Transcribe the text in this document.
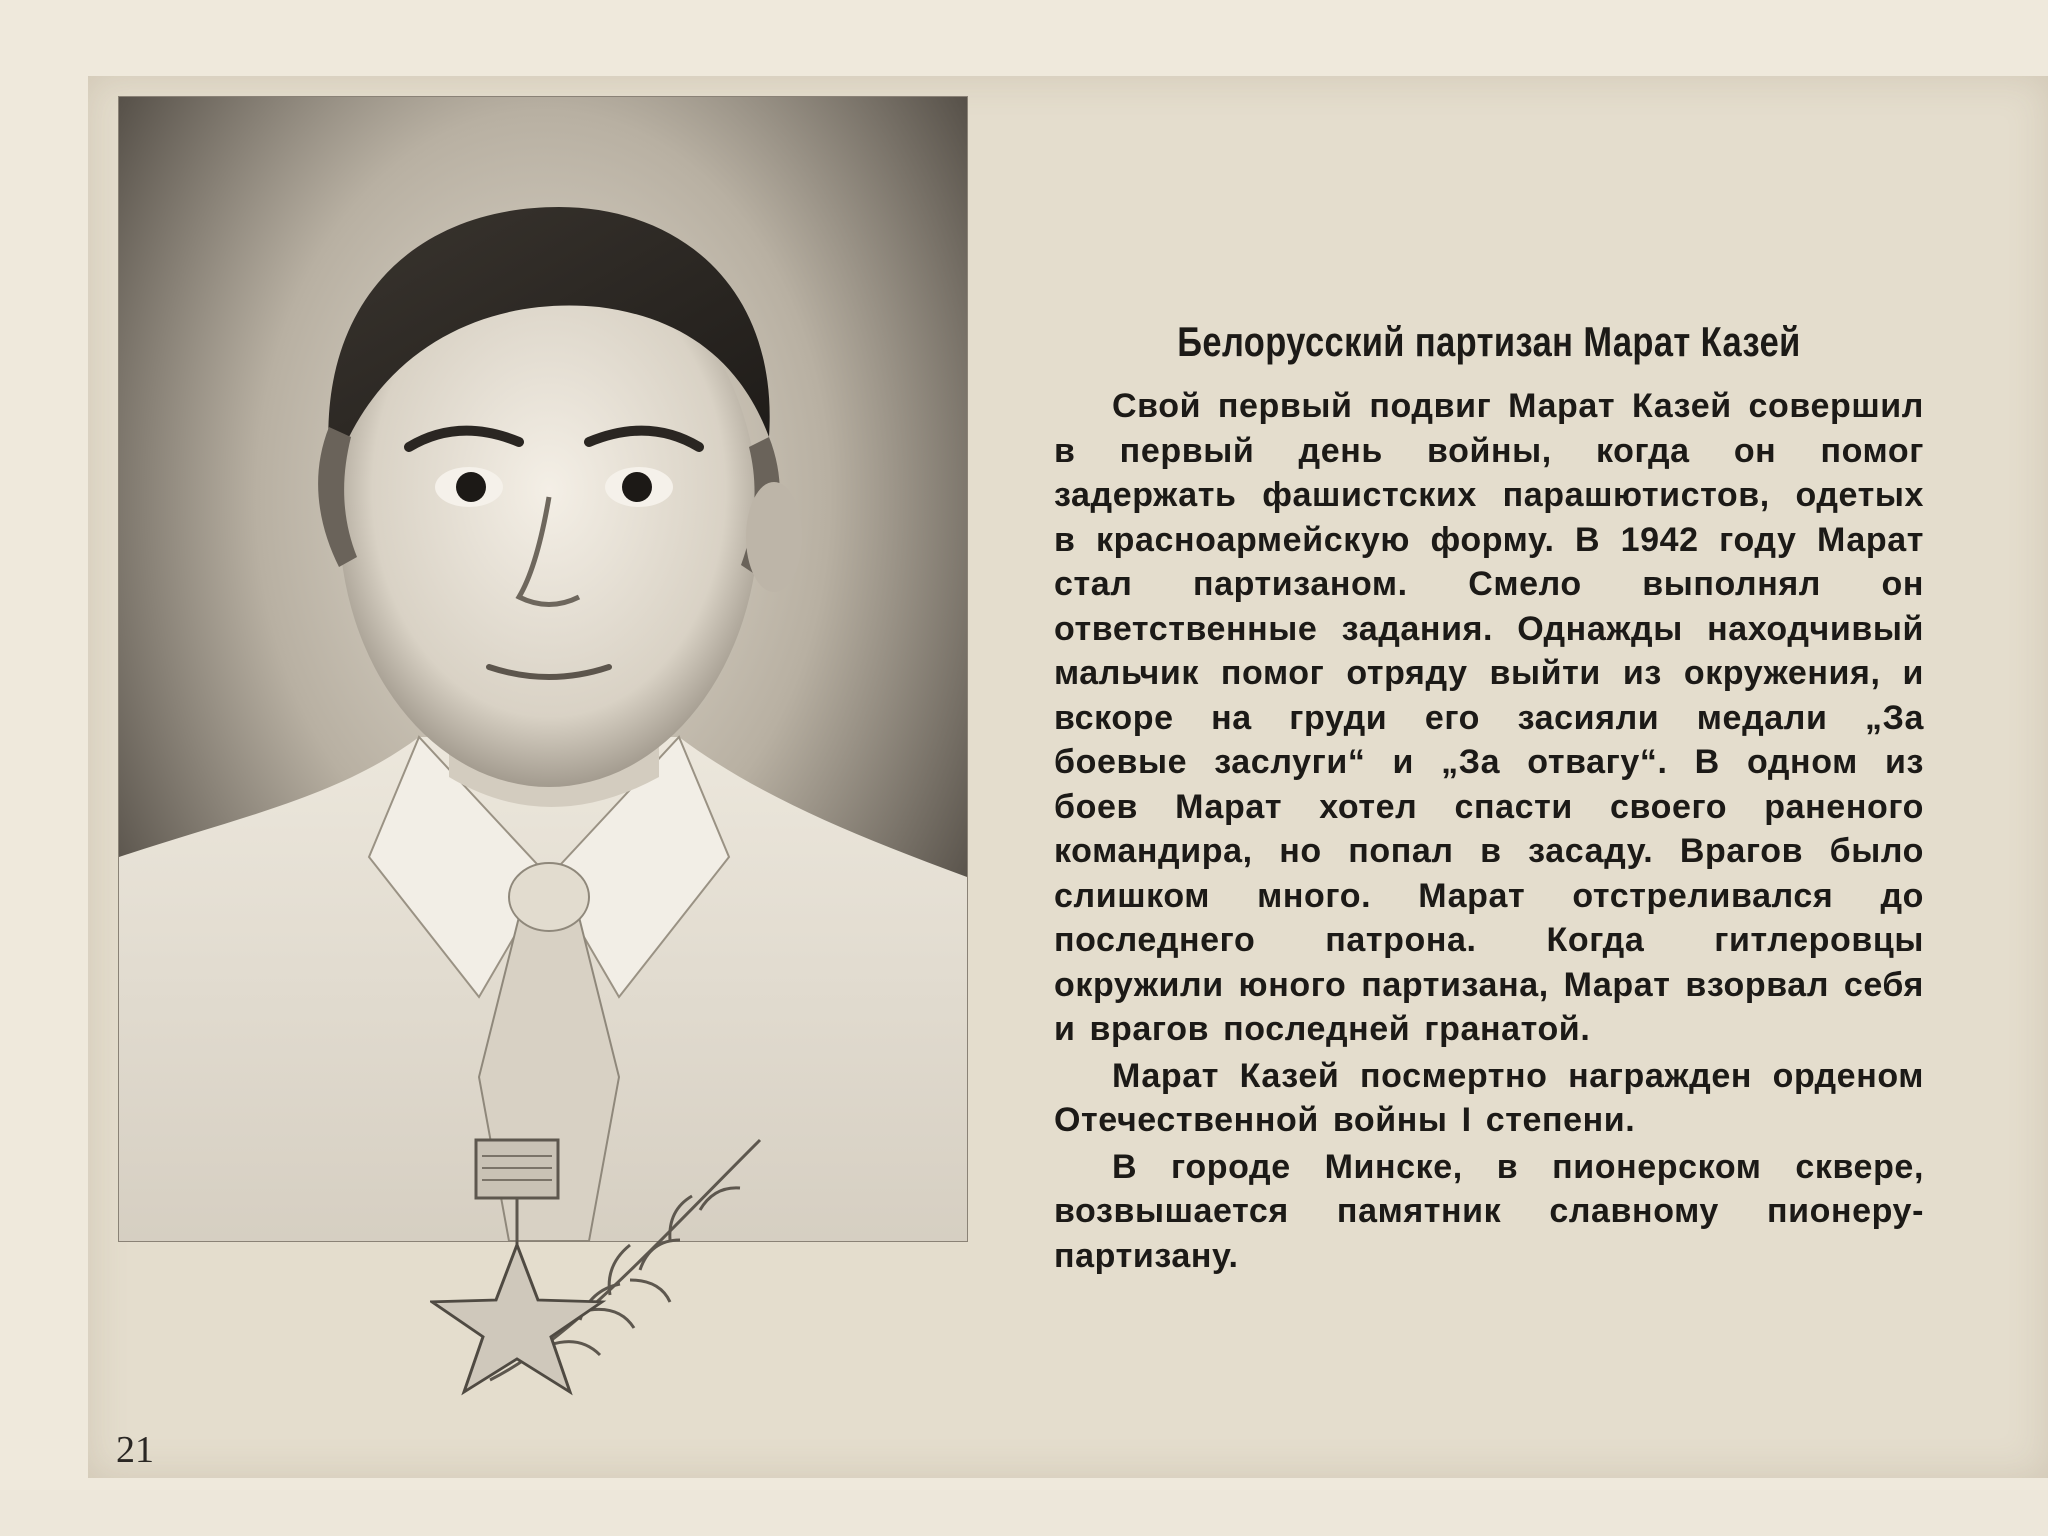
Белорусский партизан Марат Казей

Свой первый подвиг Марат Казей совершил в первый день войны, когда он помог задержать фашистских парашютистов, одетых в красноармейскую форму. В 1942 году Марат стал партизаном. Смело выполнял он ответственные задания. Однажды находчивый мальчик помог отряду выйти из окружения, и вскоре на груди его засияли медали „За боевые заслуги“ и „За отвагу“. В одном из боев Марат хотел спасти своего раненого командира, но попал в засаду. Врагов было слишком много. Марат отстреливался до последнего патрона. Когда гитлеровцы окружили юного партизана, Марат взорвал себя и врагов последней гранатой.

Марат Казей посмертно награжден орденом Отечественной войны I степени.

В городе Минске, в пионерском сквере, возвышается памятник славному пионеру-партизану.

21
